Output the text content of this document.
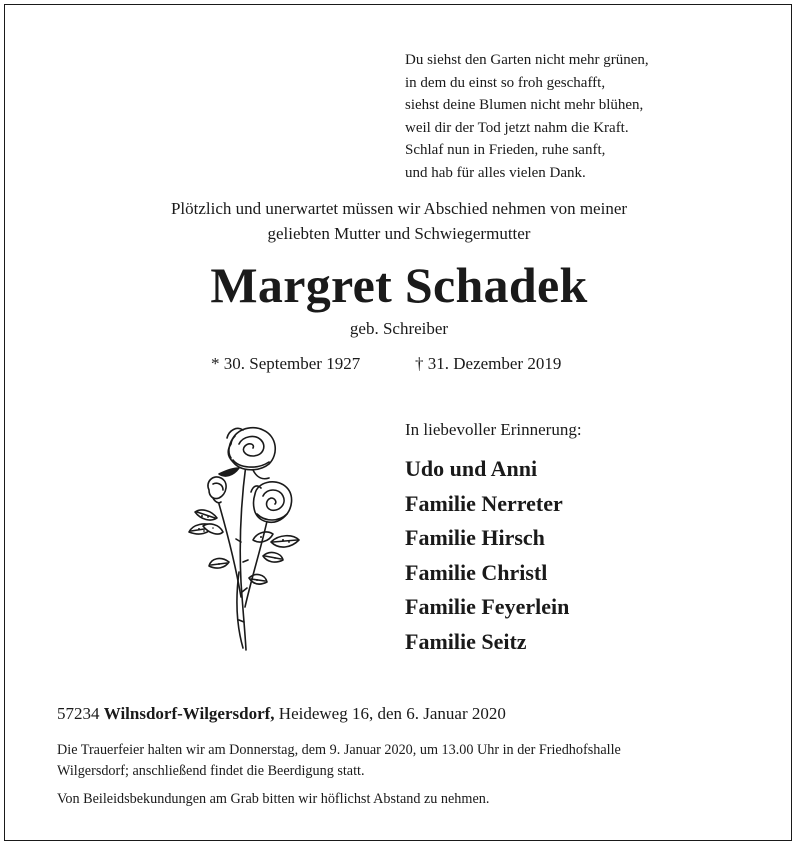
Du siehst den Garten nicht mehr grünen,
in dem du einst so froh geschafft,
siehst deine Blumen nicht mehr blühen,
weil dir der Tod jetzt nahm die Kraft.
Schlaf nun in Frieden, ruhe sanft,
und hab für alles vielen Dank.
Plötzlich und unerwartet müssen wir Abschied nehmen von meiner
geliebten Mutter und Schwiegermutter
Margret Schadek
geb. Schreiber
* 30. September 1927	† 31. Dezember 2019
In liebevoller Erinnerung:
Udo und Anni
Familie Nerreter
Familie Hirsch
Familie Christl
Familie Feyerlein
Familie Seitz
57234 Wilnsdorf-Wilgersdorf, Heideweg 16, den 6. Januar 2020
Die Trauerfeier halten wir am Donnerstag, dem 9. Januar 2020, um 13.00 Uhr in der Friedhofshalle
Wilgersdorf; anschließend findet die Beerdigung statt.
Von Beileidsbekundungen am Grab bitten wir höflichst Abstand zu nehmen.
